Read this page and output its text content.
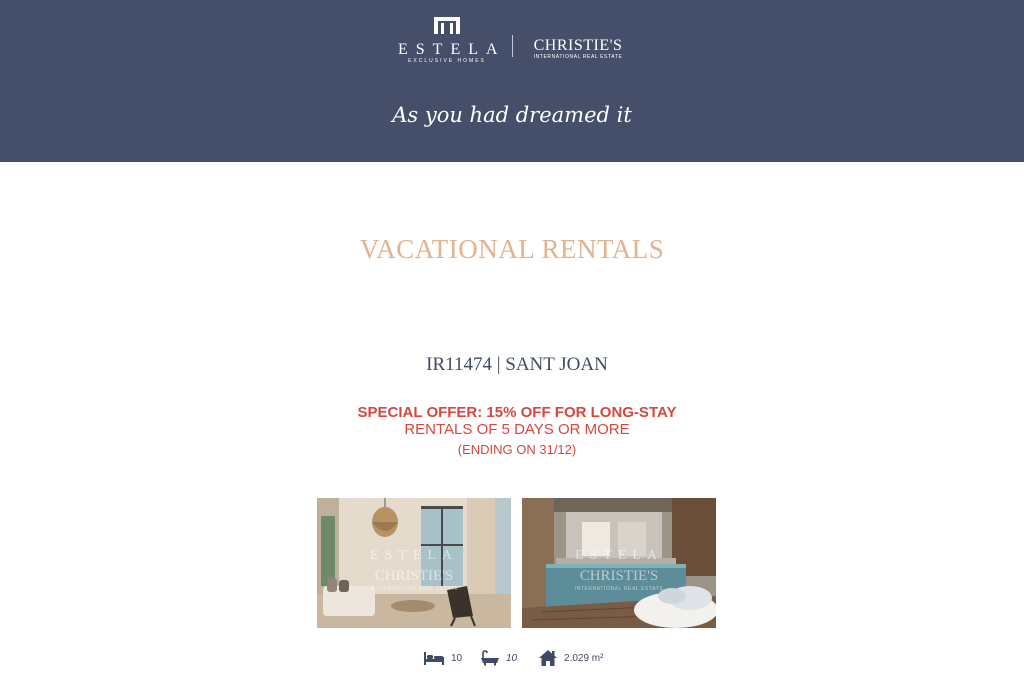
ESTELA
EXCLUSIVE HOMES
CHRISTIE'S
INTERNATIONAL REAL ESTATE
As you had dreamed it
VACATIONAL RENTALS
IR11474 | SANT JOAN
SPECIAL OFFER: 15% OFF FOR LONG-STAY
RENTALS OF 5 DAYS OR MORE
(ENDING ON 31/12)
ESTELA
CHRISTIE'S
INTERNATIONAL REAL ESTATE
ESTELA
CHRISTIE'S
INTERNATIONAL REAL ESTATE
10	10	2.029 m²
